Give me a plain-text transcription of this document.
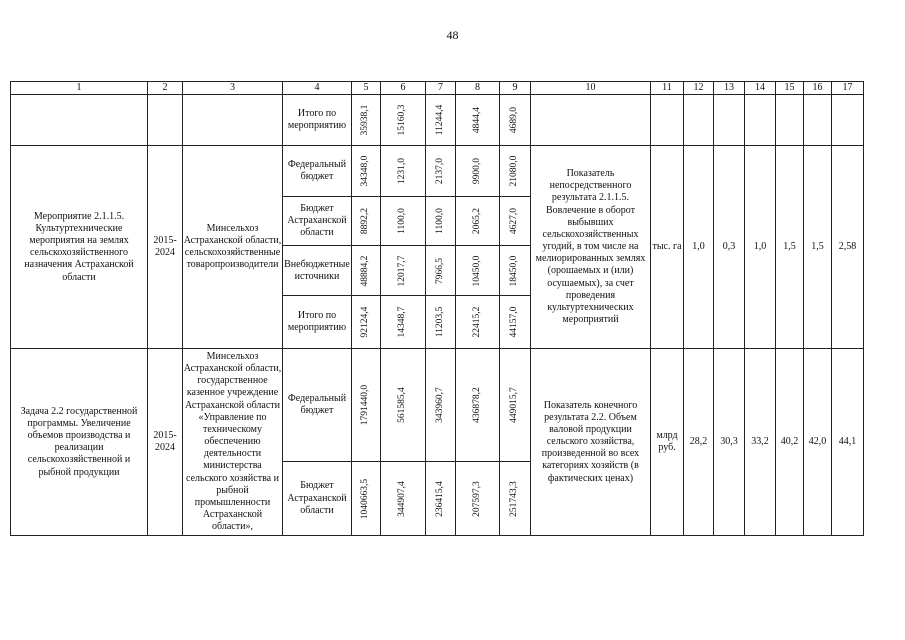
48
1	2	3	4	5	6	7	8	9	10	11	12	13	14	15	16	17
			Итого по мероприятию	35938,1	15160,3	11244,4	4844,4	4689,0								

Мероприятие 2.1.1.5. Культуртехнические мероприятия на землях сельскохозяйственного назначения Астраханской области	2015-2024	Минсельхоз Астраханской области, сельскохозяйственные товаропроизводители	Федеральный бюджет	34348,0	1231,0	2137,0	9900,0	21080,0	Показатель непосредственного результата 2.1.1.5. Вовлечение в оборот выбывших сельскохозяйственных угодий, в том числе на мелиорированных землях (орошаемых и (или) осушаемых), за счет проведения культуртехнических мероприятий	тыс. га	1,0	0,3	1,0	1,5	1,5	2,58
			Бюджет Астраханской области	8892,2	1100,0	1100,0	2065,2	4627,0								

			Внебюджетные источники	48884,2	12017,7	7966,5	10450,0	18450,0								

			Итого по мероприятию	92124,4	14348,7	11203,5	22415,2	44157,0								

Задача 2.2 государственной программы. Увеличение объемов производства и реализации сельскохозяйственной и рыбной продукции	2015-2024	Минсельхоз Астраханской области, государственное казенное учреждение Астраханской области «Управление по техническому обеспечению деятельности министерства сельского хозяйства и рыбной промышленности Астраханской области»,	Федеральный бюджет	1791440,0	561585,4	343960,7	436878,2	449015,7	Показатель конечного результата 2.2. Объем валовой продукции сельского хозяйства, произведенной во всех категориях хозяйств (в фактических ценах)	млрд руб.	28,2	30,3	33,2	40,2	42,0	44,1
			Бюджет Астраханской области	1040663,5	344907,4	236415,4	207597,3	251743,3								
